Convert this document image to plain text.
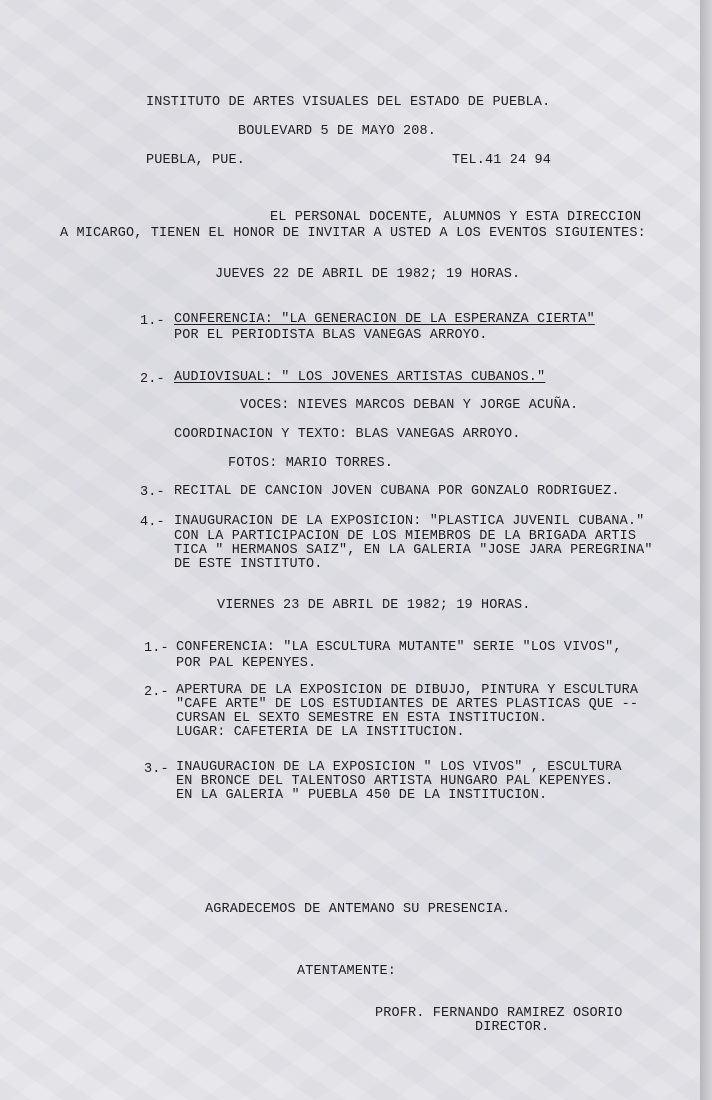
INSTITUTO DE ARTES VISUALES DEL ESTADO DE PUEBLA.

BOULEVARD 5 DE MAYO 208.

PUEBLA, PUE.	TEL.41 24 94

EL PERSONAL DOCENTE, ALUMNOS Y ESTA DIRECCION

A MICARGO, TIENEN EL HONOR DE INVITAR A USTED A LOS EVENTOS SIGUIENTES:

JUEVES 22 DE ABRIL DE 1982; 19 HORAS.

1.- CONFERENCIA: "LA GENERACION DE LA ESPERANZA CIERTA"

POR EL PERIODISTA BLAS VANEGAS ARROYO.

2.- AUDIOVISUAL: " LOS JOVENES ARTISTAS CUBANOS."

VOCES: NIEVES MARCOS DEBAN Y JORGE ACUÑA.

COORDINACION Y TEXTO: BLAS VANEGAS ARROYO.

FOTOS: MARIO TORRES.

3.- RECITAL DE CANCION JOVEN CUBANA POR GONZALO RODRIGUEZ.

4.- INAUGURACION DE LA EXPOSICION: "PLASTICA JUVENIL CUBANA."

CON LA PARTICIPACION DE LOS MIEMBROS DE LA BRIGADA ARTIS

TICA " HERMANOS SAIZ", EN LA GALERIA "JOSE JARA PEREGRINA"

DE ESTE INSTITUTO.

VIERNES 23 DE ABRIL DE 1982; 19 HORAS.

1.- CONFERENCIA: "LA ESCULTURA MUTANTE" SERIE "LOS VIVOS",

POR PAL KEPENYES.

2.- APERTURA DE LA EXPOSICION DE DIBUJO, PINTURA Y ESCULTURA

"CAFE ARTE" DE LOS ESTUDIANTES DE ARTES PLASTICAS QUE --

CURSAN EL SEXTO SEMESTRE EN ESTA INSTITUCION.

LUGAR: CAFETERIA DE LA INSTITUCION.

3.- INAUGURACION DE LA EXPOSICION " LOS VIVOS" , ESCULTURA

EN BRONCE DEL TALENTOSO ARTISTA HUNGARO PAL KEPENYES.

EN LA GALERIA " PUEBLA 450 DE LA INSTITUCION.

AGRADECEMOS DE ANTEMANO SU PRESENCIA.

ATENTAMENTE:

PROFR. FERNANDO RAMIREZ OSORIO

DIRECTOR.
